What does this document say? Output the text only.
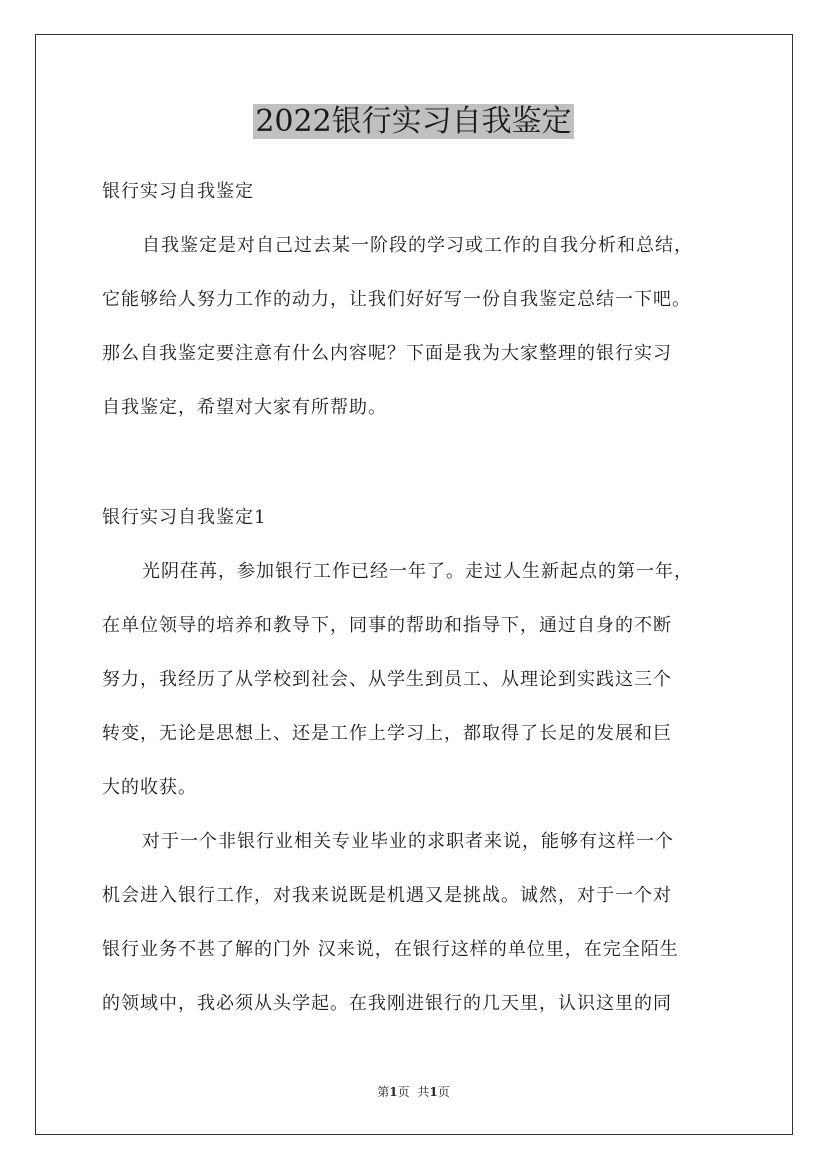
2022银行实习自我鉴定
银行实习自我鉴定
自我鉴定是对自己过去某一阶段的学习或工作的自我分析和总结，
它能够给人努力工作的动力，让我们好好写一份自我鉴定总结一下吧。
那么自我鉴定要注意有什么内容呢？下面是我为大家整理的银行实习
自我鉴定，希望对大家有所帮助。
银行实习自我鉴定1
光阴荏苒，参加银行工作已经一年了。走过人生新起点的第一年，
在单位领导的培养和教导下，同事的帮助和指导下，通过自身的不断
努力，我经历了从学校到社会、从学生到员工、从理论到实践这三个
转变，无论是思想上、还是工作上学习上，都取得了长足的发展和巨
大的收获。
对于一个非银行业相关专业毕业的求职者来说，能够有这样一个
机会进入银行工作，对我来说既是机遇又是挑战。诚然，对于一个对
银行业务不甚了解的门外 汉来说，在银行这样的单位里，在完全陌生
的领域中，我必须从头学起。在我刚进银行的几天里，认识这里的同
第1页 共1页
